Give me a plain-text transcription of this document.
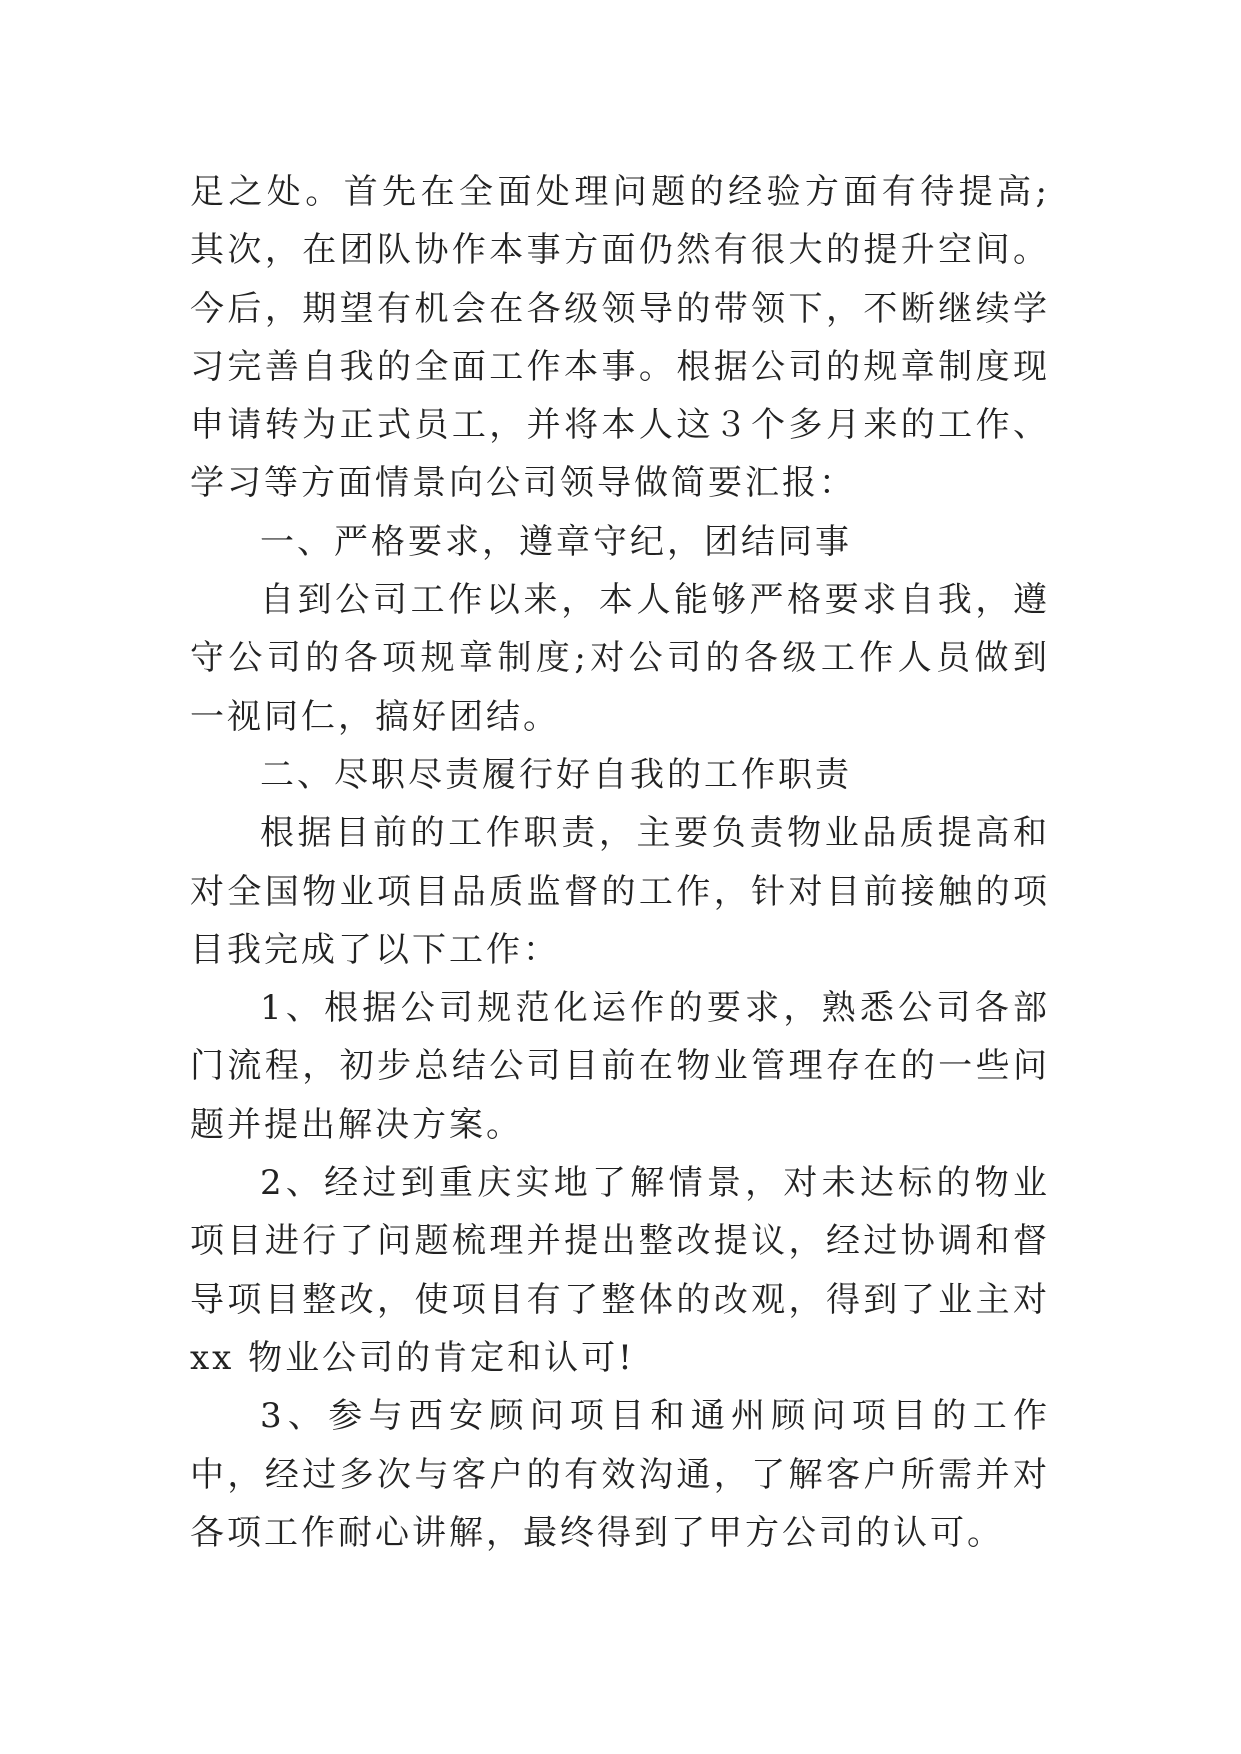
足之处。首先在全面处理问题的经验方面有待提高;其次，在团队协作本事方面仍然有很大的提升空间。今后，期望有机会在各级领导的带领下，不断继续学习完善自我的全面工作本事。根据公司的规章制度现申请转为正式员工，并将本人这３个多月来的工作、学习等方面情景向公司领导做简要汇报：

一、严格要求，遵章守纪，团结同事

自到公司工作以来，本人能够严格要求自我，遵守公司的各项规章制度;对公司的各级工作人员做到一视同仁，搞好团结。

二、尽职尽责履行好自我的工作职责

根据目前的工作职责，主要负责物业品质提高和对全国物业项目品质监督的工作，针对目前接触的项目我完成了以下工作：

1、根据公司规范化运作的要求，熟悉公司各部门流程，初步总结公司目前在物业管理存在的一些问题并提出解决方案。

2、经过到重庆实地了解情景，对未达标的物业项目进行了问题梳理并提出整改提议，经过协调和督导项目整改，使项目有了整体的改观，得到了业主对 xx 物业公司的肯定和认可!

3、参与西安顾问项目和通州顾问项目的工作中，经过多次与客户的有效沟通，了解客户所需并对各项工作耐心讲解，最终得到了甲方公司的认可。
